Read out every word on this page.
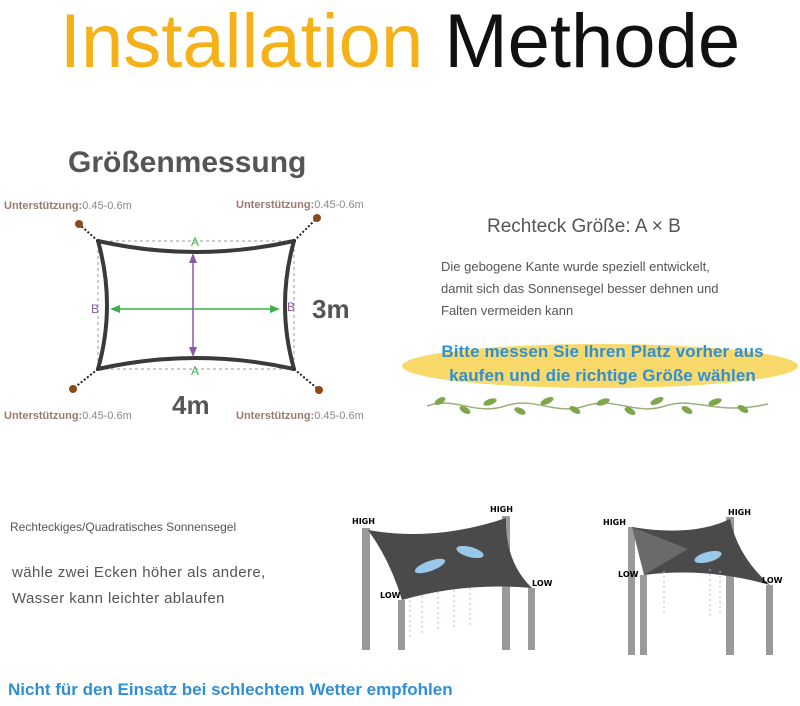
Installation Methode
Größenmessung
Unterstützung:0.45-0.6m	Unterstützung:0.45-0.6m
Unterstützung:0.45-0.6m	Unterstützung:0.45-0.6m
A
A
B	B 3m
4m
Rechteck Größe: A × B
Die gebogene Kante wurde speziell entwickelt,
damit sich das Sonnensegel besser dehnen und
Falten vermeiden kann
Bitte messen Sie Ihren Platz vorher aus
kaufen und die richtige Größe wählen
Rechteckiges/Quadratisches Sonnensegel
wähle zwei Ecken höher als andere,
Wasser kann leichter ablaufen
HIGH
HIGH
LOW
LOW
HIGH
HIGH
LOW
LOW
Nicht für den Einsatz bei schlechtem Wetter empfohlen
